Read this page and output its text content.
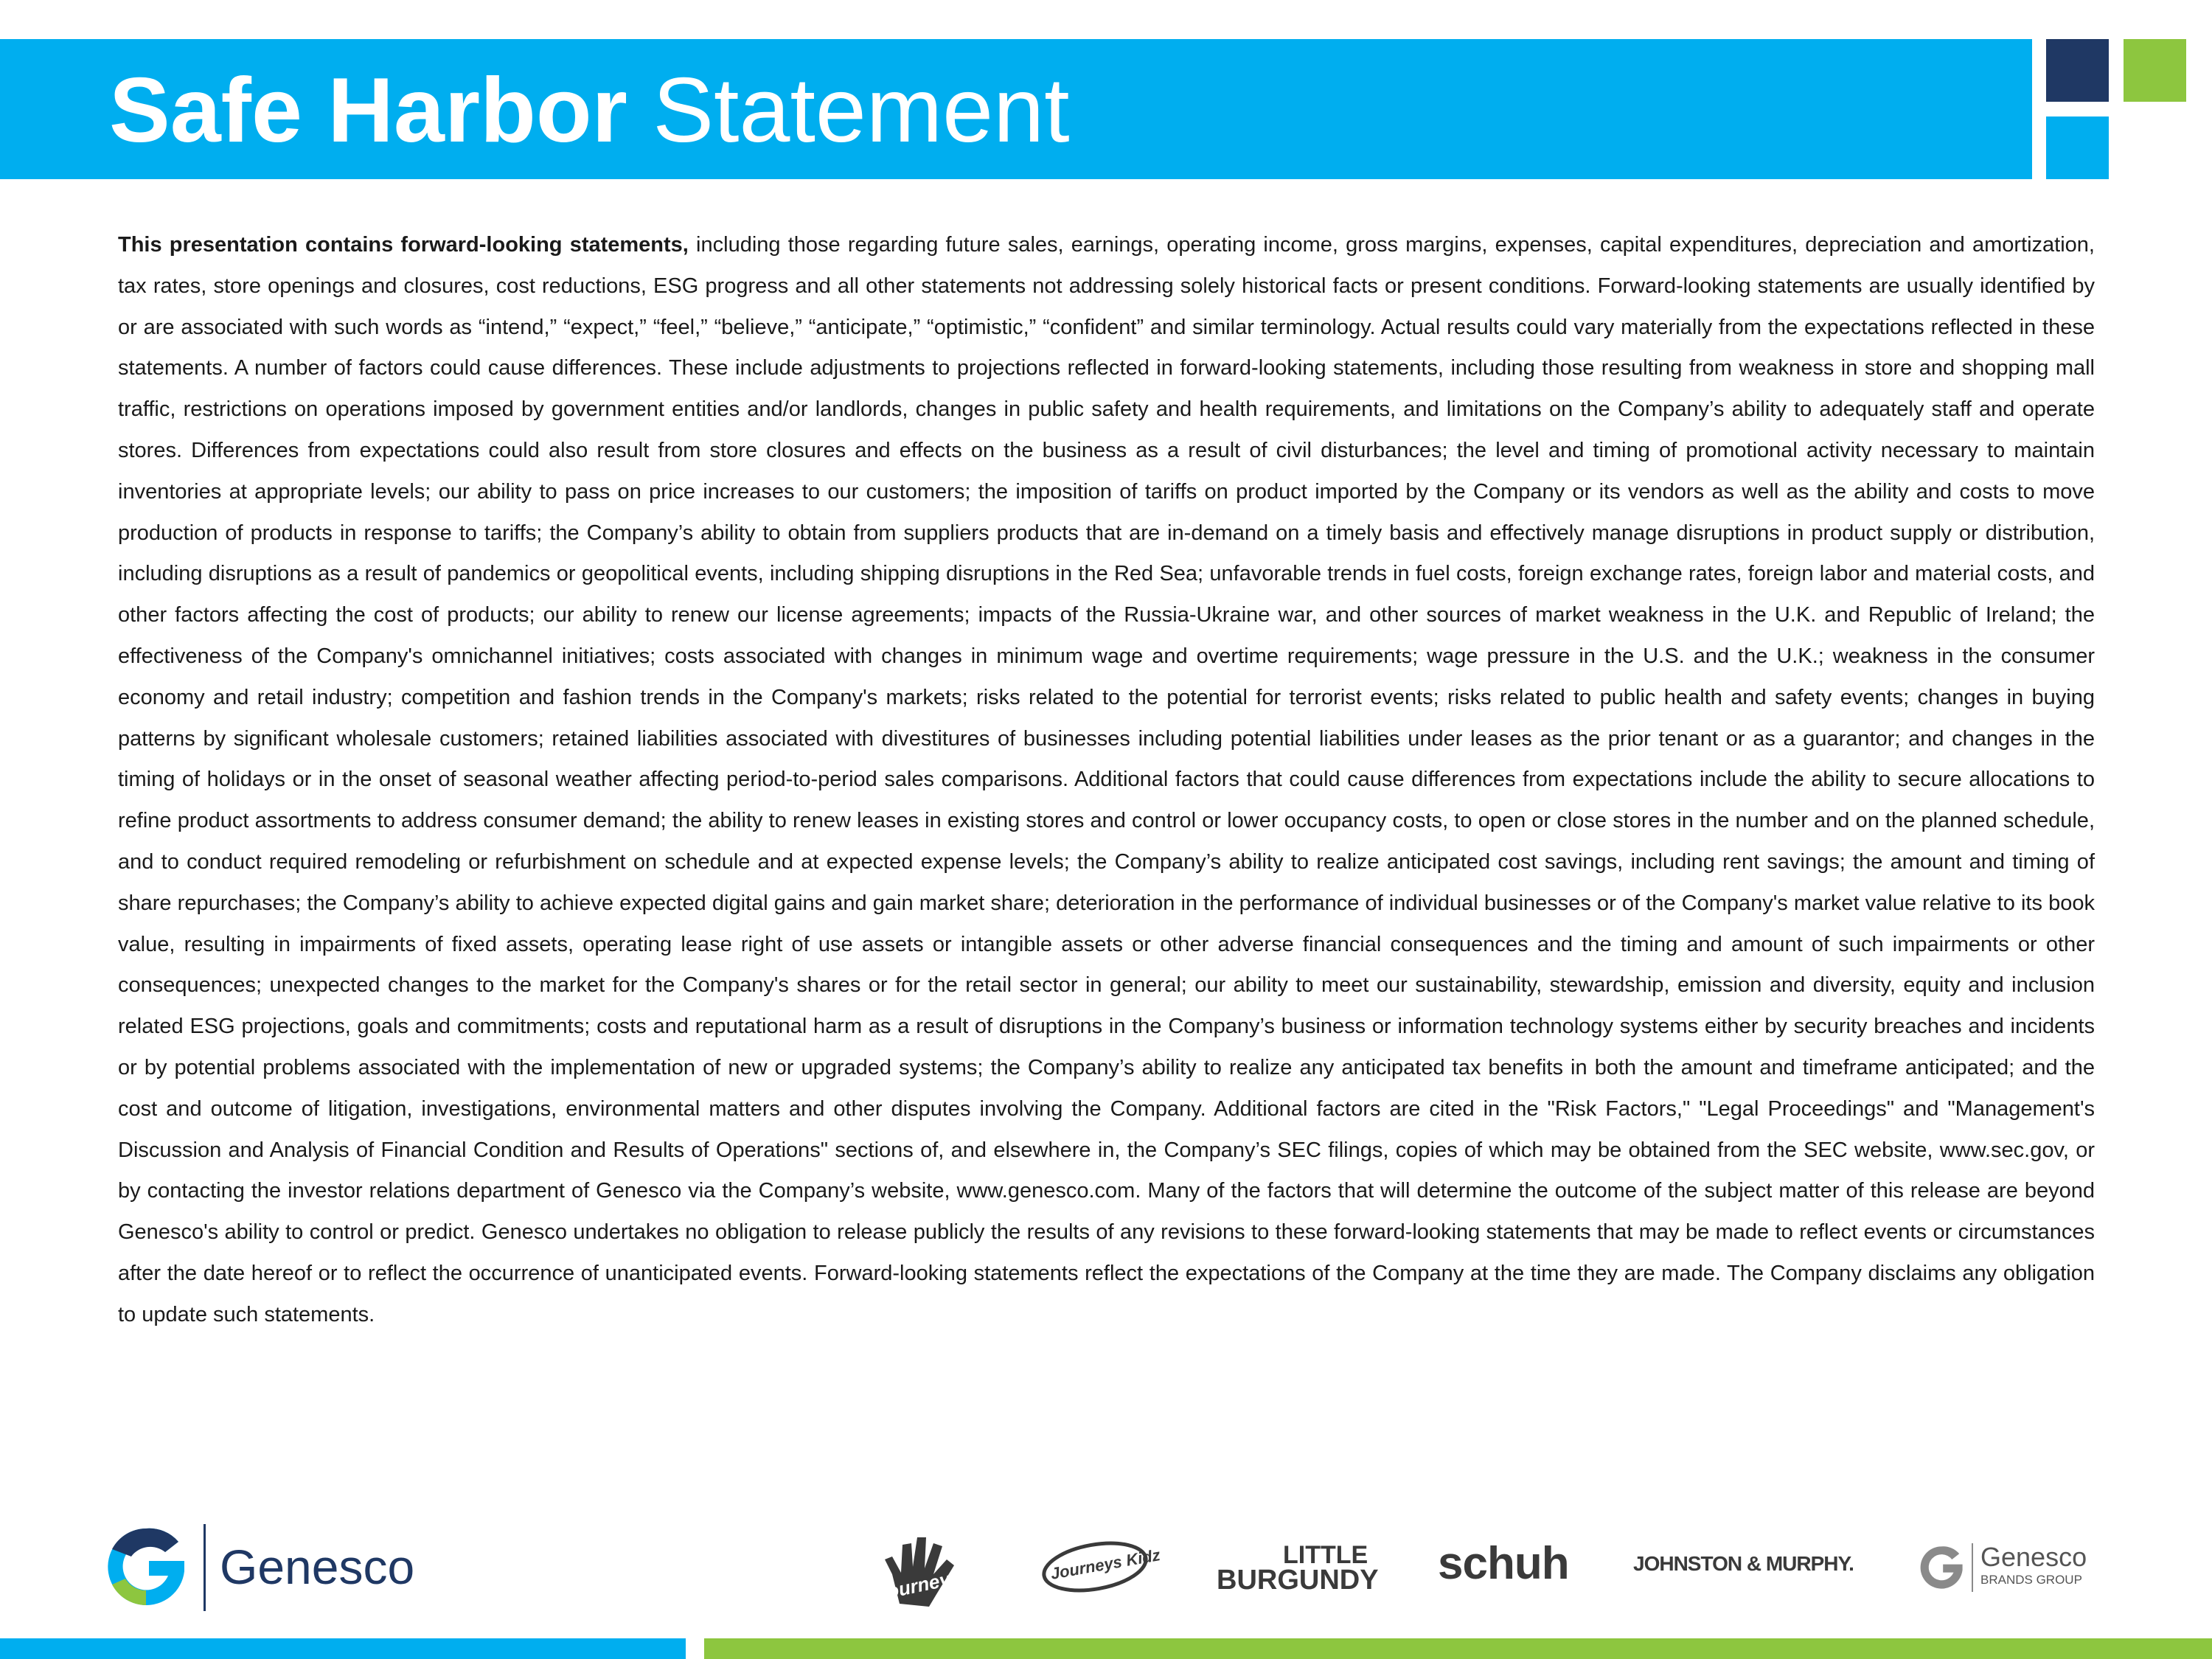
Safe Harbor Statement

This presentation contains forward-looking statements, including those regarding future sales, earnings, operating income, gross margins, expenses, capital expenditures, depreciation and amortization, tax rates, store openings and closures, cost reductions, ESG progress and all other statements not addressing solely historical facts or present conditions. Forward-looking statements are usually identified by or are associated with such words as “intend,” “expect,” “feel,” “believe,” “anticipate,” “optimistic,” “confident” and similar terminology. Actual results could vary materially from the expectations reflected in these statements. A number of factors could cause differences. These include adjustments to projections reflected in forward-looking statements, including those resulting from weakness in store and shopping mall traffic, restrictions on operations imposed by government entities and/or landlords, changes in public safety and health requirements, and limitations on the Company’s ability to adequately staff and operate stores. Differences from expectations could also result from store closures and effects on the business as a result of civil disturbances; the level and timing of promotional activity necessary to maintain inventories at appropriate levels; our ability to pass on price increases to our customers; the imposition of tariffs on product imported by the Company or its vendors as well as the ability and costs to move production of products in response to tariffs; the Company’s ability to obtain from suppliers products that are in-demand on a timely basis and effectively manage disruptions in product supply or distribution, including disruptions as a result of pandemics or geopolitical events, including shipping disruptions in the Red Sea; unfavorable trends in fuel costs, foreign exchange rates, foreign labor and material costs, and other factors affecting the cost of products; our ability to renew our license agreements; impacts of the Russia-Ukraine war, and other sources of market weakness in the U.K. and Republic of Ireland; the effectiveness of the Company's omnichannel initiatives; costs associated with changes in minimum wage and overtime requirements; wage pressure in the U.S. and the U.K.; weakness in the consumer economy and retail industry; competition and fashion trends in the Company's markets; risks related to the potential for terrorist events; risks related to public health and safety events; changes in buying patterns by significant wholesale customers; retained liabilities associated with divestitures of businesses including potential liabilities under leases as the prior tenant or as a guarantor; and changes in the timing of holidays or in the onset of seasonal weather affecting period-to-period sales comparisons. Additional factors that could cause differences from expectations include the ability to secure allocations to refine product assortments to address consumer demand; the ability to renew leases in existing stores and control or lower occupancy costs, to open or close stores in the number and on the planned schedule, and to conduct required remodeling or refurbishment on schedule and at expected expense levels; the Company’s ability to realize anticipated cost savings, including rent savings; the amount and timing of share repurchases; the Company’s ability to achieve expected digital gains and gain market share; deterioration in the performance of individual businesses or of the Company's market value relative to its book value, resulting in impairments of fixed assets, operating lease right of use assets or intangible assets or other adverse financial consequences and the timing and amount of such impairments or other consequences; unexpected changes to the market for the Company's shares or for the retail sector in general; our ability to meet our sustainability, stewardship, emission and diversity, equity and inclusion related ESG projections, goals and commitments; costs and reputational harm as a result of disruptions in the Company’s business or information technology systems either by security breaches and incidents or by potential problems associated with the implementation of new or upgraded systems; the Company’s ability to realize any anticipated tax benefits in both the amount and timeframe anticipated; and the cost and outcome of litigation, investigations, environmental matters and other disputes involving the Company. Additional factors are cited in the "Risk Factors," "Legal Proceedings" and "Management's Discussion and Analysis of Financial Condition and Results of Operations" sections of, and elsewhere in, the Company’s SEC filings, copies of which may be obtained from the SEC website, www.sec.gov, or by contacting the investor relations department of Genesco via the Company’s website, www.genesco.com. Many of the factors that will determine the outcome of the subject matter of this release are beyond Genesco's ability to control or predict. Genesco undertakes no obligation to release publicly the results of any revisions to these forward-looking statements that may be made to reflect events or circumstances after the date hereof or to reflect the occurrence of unanticipated events. Forward-looking statements reflect the expectations of the Company at the time they are made. The Company disclaims any obligation to update such statements.

Genesco	Journeys
Journeys Kidz	LITTLE
BURGUNDY schuh	JOHNSTON & MURPHY.	Genesco
BRANDS GROUP
